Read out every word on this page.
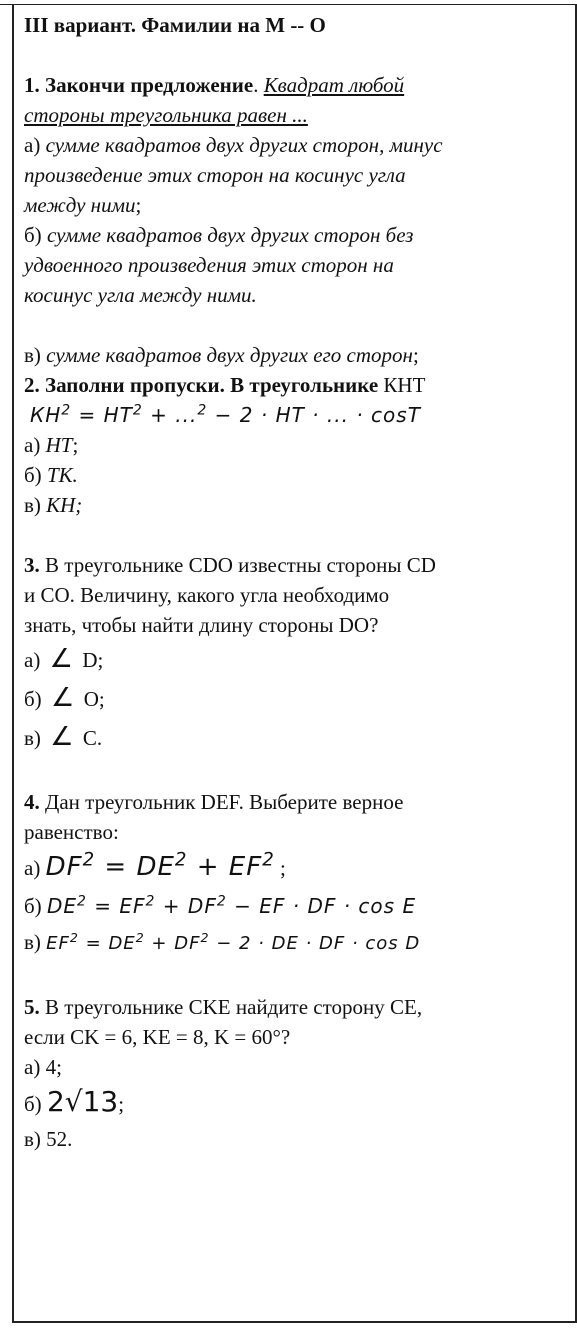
III вариант. Фамилии на М -- О
1. Закончи предложение. Квадрат любой
стороны треугольника равен ...
а) сумме квадратов двух других сторон, минус
произведение этих сторон на косинус угла
между ними;
б) сумме квадратов двух других сторон без
удвоенного произведения этих сторон на
косинус угла между ними.
в) сумме квадратов двух других его сторон;
2. Заполни пропуски. В треугольнике КНТ
$КН^2 = НТ^2 + ...^2 - 2$ · НТ · ... · cosТ
а) НТ;
б) ТК.
в) КН;
3. В треугольнике CDO известны стороны CD
и CO. Величину, какого угла необходимо
знать, чтобы найти длину стороны DO?
а) ∠ D;
б) ∠ O;
в) ∠ C.
4. Дан треугольник DEF. Выберите верное
равенство:
а) $DF^2 = DE^2 + EF^2$ ;
б) $DE^2 = EF^2 + DF^2$ − EF · DF · cos E
в) $EF^2 = DE^2 + DF^2 - 2$ · DE · DF · cos D
5. В треугольнике CKE найдите сторону CE,
если CK = 6, KE = 8, K = 60°?
а) 4;
б) 2√13;
в) 52.
